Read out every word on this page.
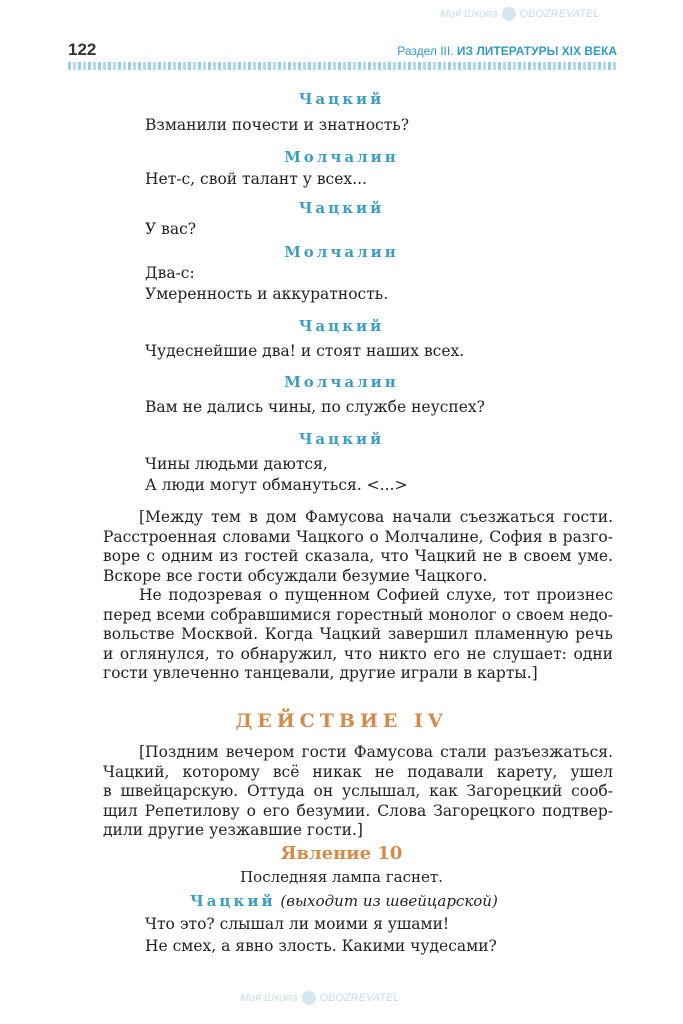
Моя Школа OBOZREVATEL
Моя Школа OBOZREVATEL
122	Раздел III. ИЗ ЛИТЕРАТУРЫ XIX ВЕКА
Чацкий
Взманили почести и знатность?
Молчалин
Нет-с, свой талант у всех...
Чацкий
У вас?
Молчалин
Два-с:
Умеренность и аккуратность.
Чацкий
Чудеснейшие два! и стоят наших всех.
Молчалин
Вам не дались чины, по службе неуспех?
Чацкий
Чины людьми даются,
А люди могут обмануться. <...>
[Между тем в дом Фамусова начали съезжаться гости.
Расстроенная словами Чацкого о Молчалине, София в разго-
воре с одним из гостей сказала, что Чацкий не в своем уме.
Вскоре все гости обсуждали безумие Чацкого.
Не подозревая о пущенном Софией слухе, тот произнес
перед всеми собравшимися горестный монолог о своем недо-
вольстве Москвой. Когда Чацкий завершил пламенную речь
и оглянулся, то обнаружил, что никто его не слушает: одни
гости увлеченно танцевали, другие играли в карты.]
ДЕЙСТВИЕ IV
[Поздним вечером гости Фамусова стали разъезжаться.
Чацкий, которому всё никак не подавали карету, ушел
в швейцарскую. Оттуда он услышал, как Загорецкий сооб-
щил Репетилову о его безумии. Слова Загорецкого подтвер-
дили другие уезжавшие гости.]
Явление 10
Последняя лампа гаснет.
Чацкий (выходит из швейцарской)
Что это? слышал ли моими я ушами!
Не смех, а явно злость. Какими чудесами?
